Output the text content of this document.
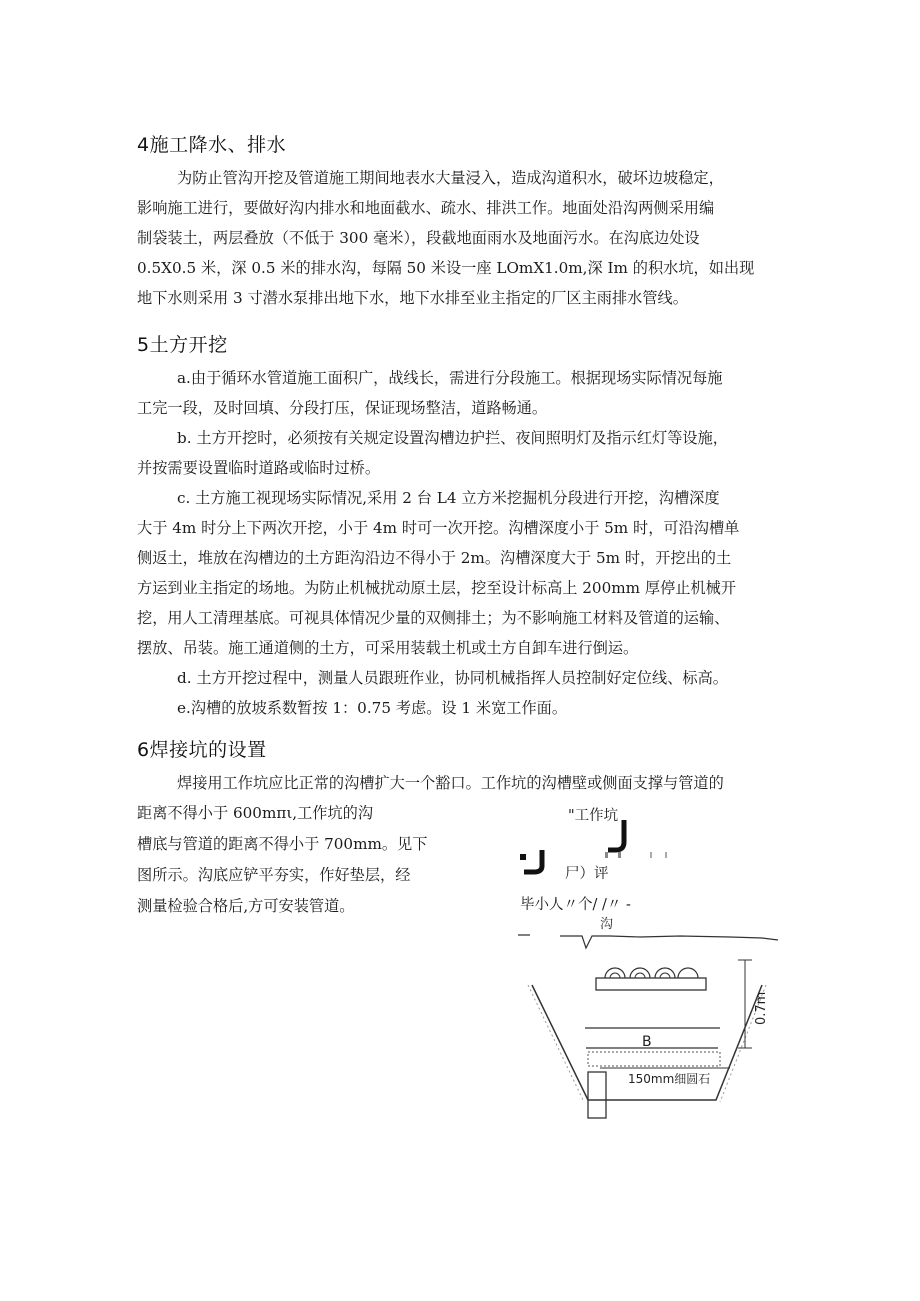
4施工降水、排水
为防止管沟开挖及管道施工期间地表水大量浸入，造成沟道积水，破坏边坡稳定，
影响施工进行，要做好沟内排水和地面截水、疏水、排洪工作。地面处沿沟两侧采用编
制袋装土，两层叠放（不低于 300 毫米），段截地面雨水及地面污水。在沟底边处设
0.5X0.5 米，深 0.5 米的排水沟，每隔 50 米设一座 LOmX1.0m,深 Im 的积水坑，如出现
地下水则采用 3 寸潜水泵排出地下水，地下水排至业主指定的厂区主雨排水管线。
5土方开挖
a.由于循环水管道施工面积广，战线长，需进行分段施工。根据现场实际情况每施
工完一段，及时回填、分段打压，保证现场整洁，道路畅通。
b. 土方开挖时，必须按有关规定设置沟槽边护拦、夜间照明灯及指示红灯等设施，
并按需要设置临时道路或临时过桥。
c. 土方施工视现场实际情况,采用 2 台 L4 立方米挖掘机分段进行开挖，沟槽深度
大于 4m 时分上下两次开挖，小于 4m 时可一次开挖。沟槽深度小于 5m 时，可沿沟槽单
侧返土，堆放在沟槽边的土方距沟沿边不得小于 2m。沟槽深度大于 5m 时，开挖出的土
方运到业主指定的场地。为防止机械扰动原土层，挖至设计标高上 200mm 厚停止机械开
挖，用人工清理基底。可视具体情况少量的双侧排土；为不影响施工材料及管道的运输、
摆放、吊装。施工通道侧的土方，可采用装载土机或土方自卸车进行倒运。
d. 土方开挖过程中，测量人员跟班作业，协同机械指挥人员控制好定位线、标高。
e.沟槽的放坡系数暂按 1：0.75 考虑。设 1 米宽工作面。
6焊接坑的设置
焊接用工作坑应比正常的沟槽扩大一个豁口。工作坑的沟槽壁或侧面支撑与管道的
距离不得小于 600mπι,工作坑的沟
槽底与管道的距离不得小于 700mm。见下
图所示。沟底应铲平夯实，作好垫层，经
测量检验合格后,方可安装管道。
"工作坑
尸）评
毕小人〃个/ /〃 -
沟
B
150mm细圆石
0.7m
